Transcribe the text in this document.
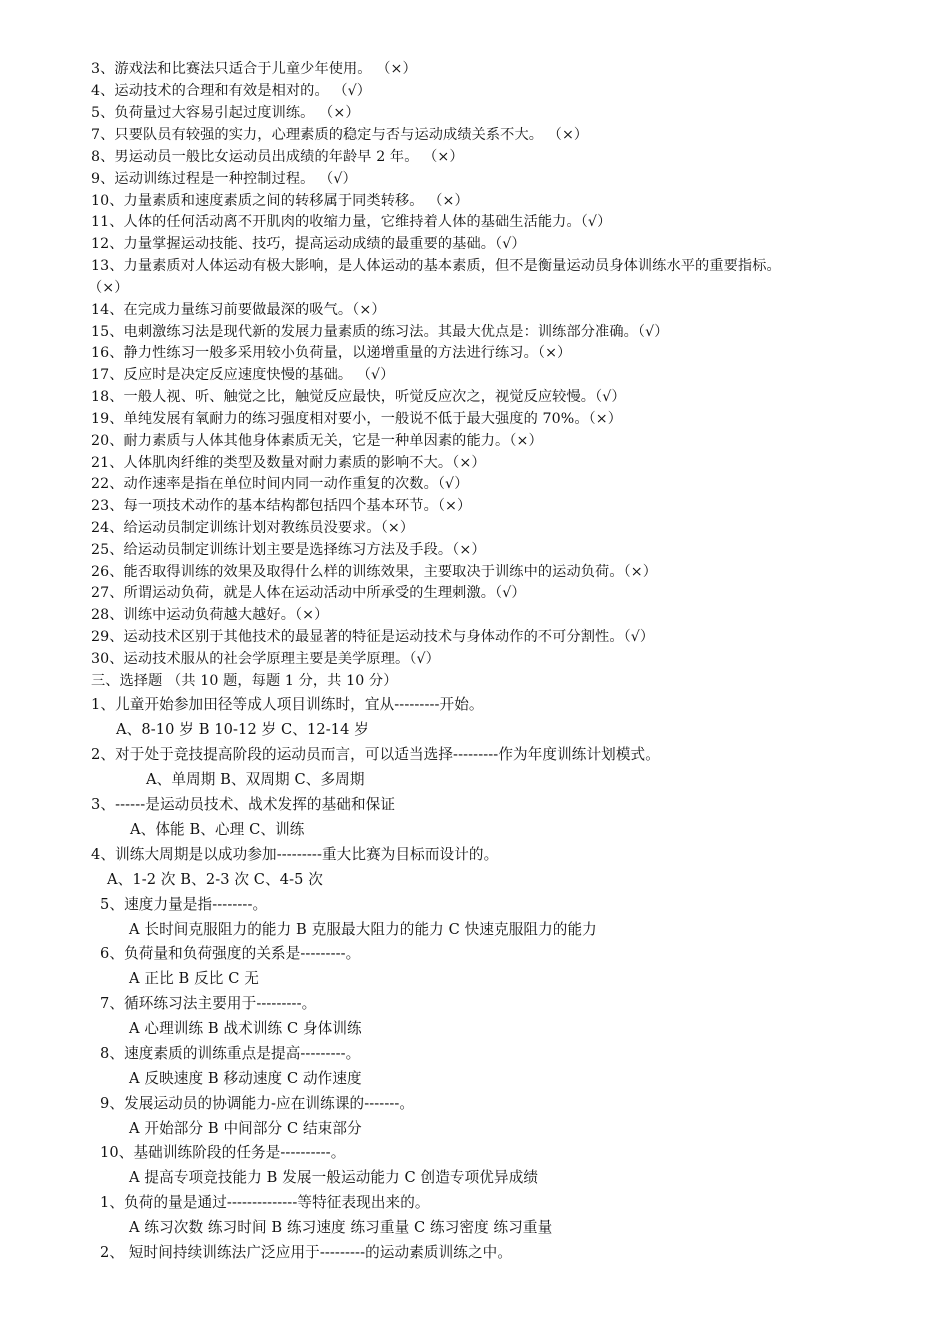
3、游戏法和比赛法只适合于儿童少年使用。 （×）
4、运动技术的合理和有效是相对的。 （√）
5、负荷量过大容易引起过度训练。 （×）
7、只要队员有较强的实力，心理素质的稳定与否与运动成绩关系不大。 （×）
8、男运动员一般比女运动员出成绩的年龄早 2 年。 （×）
9、运动训练过程是一种控制过程。 （√）
10、力量素质和速度素质之间的转移属于同类转移。 （×）
11、人体的任何活动离不开肌肉的收缩力量，它维持着人体的基础生活能力。（√）
12、力量掌握运动技能、技巧，提高运动成绩的最重要的基础。（√）
13、力量素质对人体运动有极大影响，是人体运动的基本素质，但不是衡量运动员身体训练水平的重要指标。
（×）
14、在完成力量练习前要做最深的吸气。（×）
15、电刺激练习法是现代新的发展力量素质的练习法。其最大优点是：训练部分准确。（√）
16、静力性练习一般多采用较小负荷量，以递增重量的方法进行练习。（×）
17、反应时是决定反应速度快慢的基础。 （√）
18、一般人视、听、触觉之比，触觉反应最快，听觉反应次之，视觉反应较慢。（√）
19、单纯发展有氧耐力的练习强度相对要小，一般说不低于最大强度的 70%。（×）
20、耐力素质与人体其他身体素质无关，它是一种单因素的能力。（×）
21、人体肌肉纤维的类型及数量对耐力素质的影响不大。（×）
22、动作速率是指在单位时间内同一动作重复的次数。（√）
23、每一项技术动作的基本结构都包括四个基本环节。（×）
24、给运动员制定训练计划对教练员没要求。（×）
25、给运动员制定训练计划主要是选择练习方法及手段。（×）
26、能否取得训练的效果及取得什么样的训练效果，主要取决于训练中的运动负荷。（×）
27、所谓运动负荷，就是人体在运动活动中所承受的生理刺激。（√）
28、训练中运动负荷越大越好。（×）
29、运动技术区别于其他技术的最显著的特征是运动技术与身体动作的不可分割性。（√）
30、运动技术服从的社会学原理主要是美学原理。（√）
三、选择题 （共 10 题，每题 1 分，共 10 分）
1、儿童开始参加田径等成人项目训练时，宜从---------开始。
A、8-10 岁 B 10-12 岁 C、12-14 岁
2、对于处于竞技提高阶段的运动员而言，可以适当选择---------作为年度训练计划模式。
A、单周期 B、双周期 C、多周期
3、------是运动员技术、战术发挥的基础和保证
A、体能 B、心理 C、训练
4、训练大周期是以成功参加---------重大比赛为目标而设计的。
A、1-2 次 B、2-3 次 C、4-5 次
5、速度力量是指--------。
A 长时间克服阻力的能力 B 克服最大阻力的能力 C 快速克服阻力的能力
6、负荷量和负荷强度的关系是---------。
A 正比 B 反比 C 无
7、循环练习法主要用于---------。
A 心理训练 B 战术训练 C 身体训练
8、速度素质的训练重点是提高---------。
A 反映速度 B 移动速度 C 动作速度
9、发展运动员的协调能力-应在训练课的-------。
A 开始部分 B 中间部分 C 结束部分
10、基础训练阶段的任务是----------。
A 提高专项竞技能力 B 发展一般运动能力 C 创造专项优异成绩
1、负荷的量是通过--------------等特征表现出来的。
A 练习次数 练习时间 B 练习速度 练习重量 C 练习密度 练习重量
2、 短时间持续训练法广泛应用于---------的运动素质训练之中。
